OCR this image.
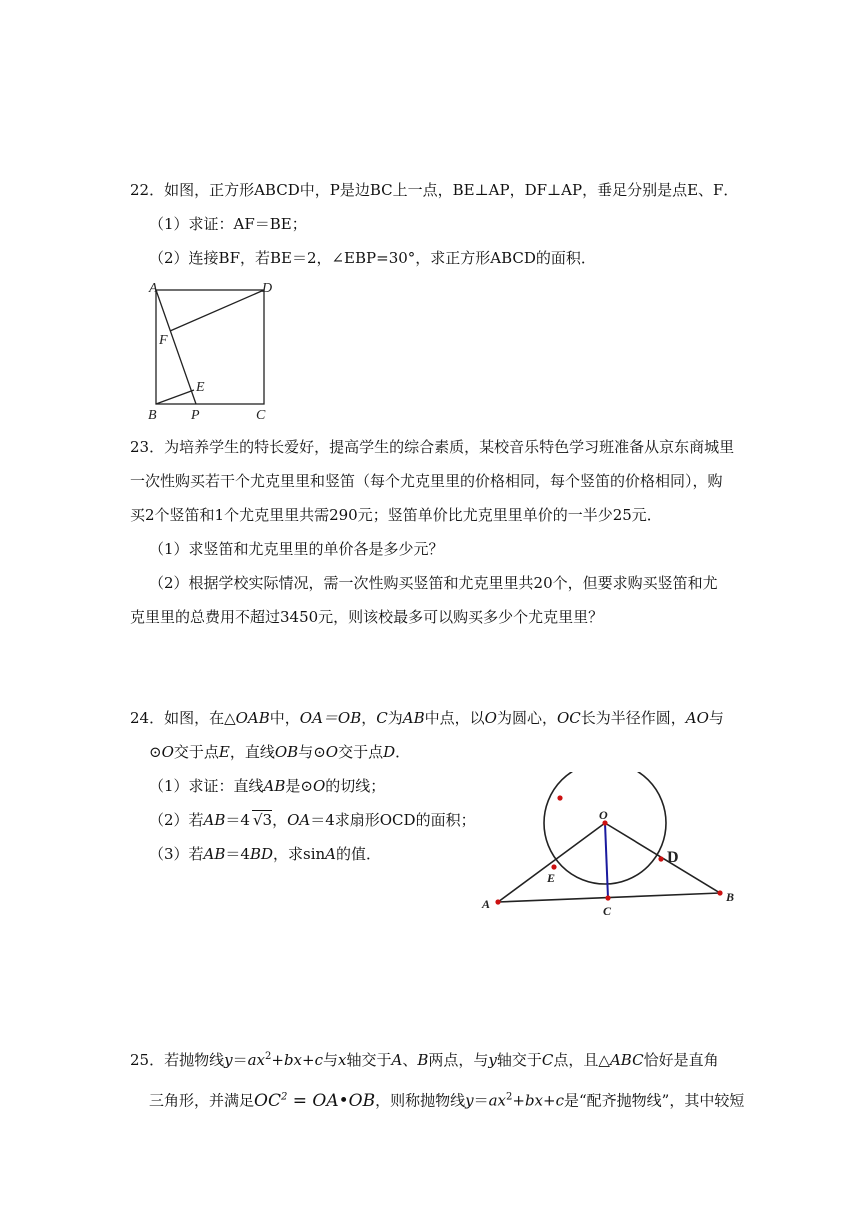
22．如图，正方形ABCD中，P是边BC上一点，BE⊥AP，DF⊥AP，垂足分别是点E、F．
（1）求证：AF＝BE；
（2）连接BF，若BE＝2，∠EBP=30°，求正方形ABCD的面积．
A	D
F
E
B P	C
23．为培养学生的特长爱好，提高学生的综合素质，某校音乐特色学习班准备从京东商城里
一次性购买若干个尤克里里和竖笛（每个尤克里里的价格相同，每个竖笛的价格相同），购
买2个竖笛和1个尤克里里共需290元；竖笛单价比尤克里里单价的一半少25元．
（1）求竖笛和尤克里里的单价各是多少元？
（2）根据学校实际情况，需一次性购买竖笛和尤克里里共20个，但要求购买竖笛和尤
克里里的总费用不超过3450元，则该校最多可以购买多少个尤克里里？
24．如图，在△OAB中，OA＝OB，C为AB中点，以O为圆心，OC长为半径作圆，AO与
⊙O交于点E，直线OB与⊙O交于点D．
（1）求证：直线AB是⊙O的切线；
（2）若AB＝4 √3，OA＝4求扇形OCD的面积；
（3）若AB＝4BD，求sinA的值．
O
E
A	C
B
D
25．若抛物线$y=ax^2+bx+c$与x轴交于A、B两点，与y轴交于C点，且△ABC恰好是直角
三角形，并满足$OC^2$ = OA•OB，则称抛物线$y=ax^2+bx+c$是“配齐抛物线”，其中较短
